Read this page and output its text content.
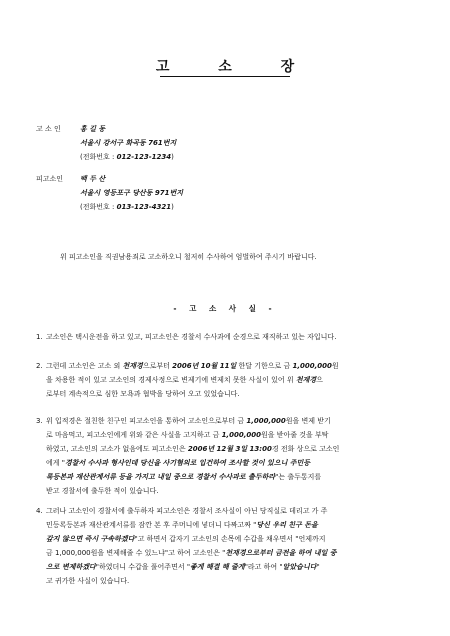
고 소 장
고 소 인	홍 길 동
서울시 강서구 화곡동 761번지
(전화번호 : 012-123-1234)
피고소인 백 두 산
서울시 영등포구 당산동 971번지
(전화번호 : 013-123-4321)
위 피고소인을 직권남용죄로 고소하오니 철저히 수사하여 엄벌하여 주시기 바랍니다.
- 고 소 사 실 -
1. 고소인은 택시운전을 하고 있고, 피고소인은 경찰서 수사과에 순경으로 재직하고 있는 자입니다.
2. 그런데 고소인은 고소 외 천재경으로부터 2006년 10월 11일 한달 기한으로 금 1,000,000원
을 차용한 적이 있고 고소인의 경제사정으로 변제기에 변제치 못한 사실이 있어 위 천재경으
로부터 계속적으로 심한 모욕과 협박을 당하여 오고 있었습니다.
3. 위 입적경은 절친한 친구인 피고소인을 통하여 고소인으로부터 금 1,000,000원을 변제 받기
로 마음먹고, 피고소인에게 위와 같은 사실을 고지하고 금 1,000,000원을 받아줄 것을 부탁
하였고, 고소인의 고소가 없음에도 피고소인은 2006년 12월 3일 13:00경 전화 상으로 고소인
에게 "경찰서 수사과 형사인데 당신을 사기혐의로 입건하여 조사할 것이 있으니 주민등
록등본과 재산관계서류 등을 가지고 내일 중으로 경찰서 수사과로 출두하라"는 출두통지를
받고 경찰서에 출두한 적이 있습니다.
4. 그러나 고소인이 경찰서에 출두하자 피고소인은 경찰서 조사실이 아닌 당직실로 데리고 가 주
민등록등본과 재산관계서류를 잠깐 본 후 주머니에 넣더니 다짜고짜 "당신 우리 친구 돈을
갚지 않으면 즉시 구속하겠다"고 하면서 갑자기 고소인의 손목에 수갑을 채우면서 "언제까지
금 1,000,000원을 변제해줄 수 있느냐"고 하여 고소인은 "천재경으로부터 금전을 하여 내일 중
으로 변제하겠다"하였더니 수갑을 풀어주면서 "좋게 해결 해 줄게"라고 하여 "알았습니다"
고 귀가한 사실이 있습니다.
